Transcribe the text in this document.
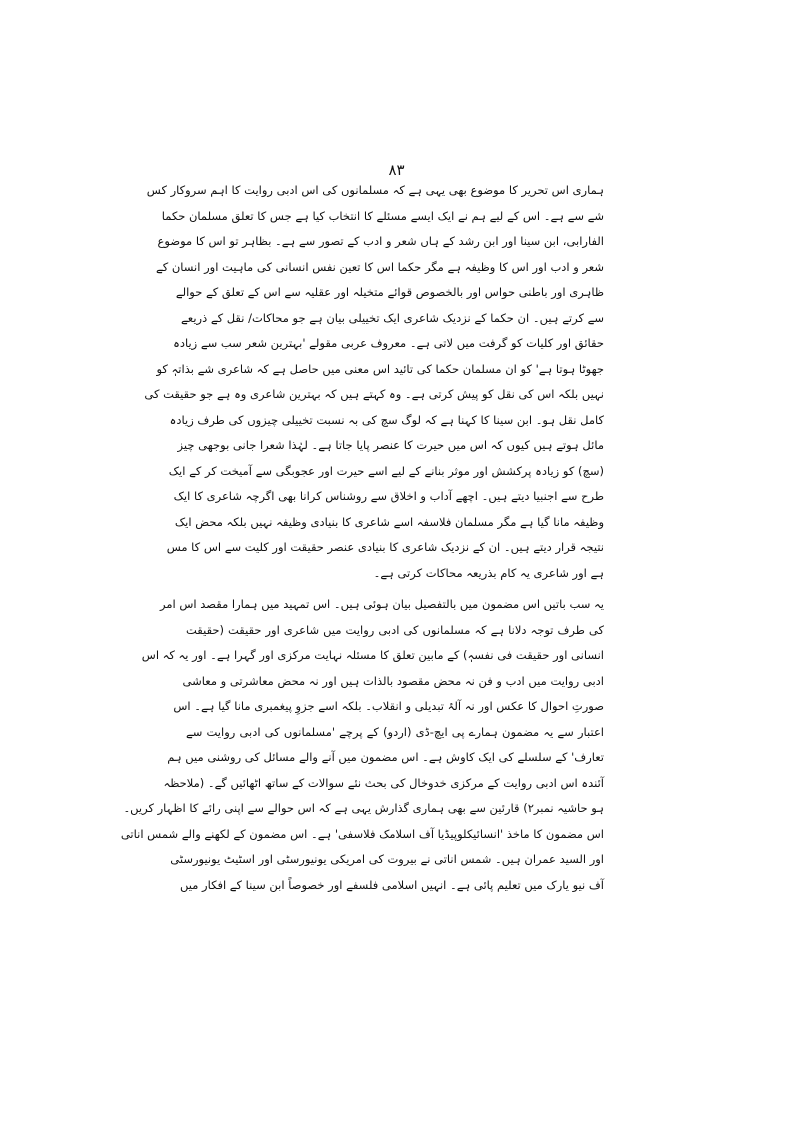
۸۳
ہماری اس تحریر کا موضوع بھی یہی ہے کہ مسلمانوں کی اس ادبی روایت کا اہم سروکار کس
شے سے ہے۔ اس کے لیے ہم نے ایک ایسے مسئلے کا انتخاب کیا ہے جس کا تعلق مسلمان حکما
الفارابی، ابن سینا اور ابن رشد کے ہاں شعر و ادب کے تصور سے ہے۔ بظاہر تو اس کا موضوع
شعر و ادب اور اس کا وظیفہ ہے مگر حکما اس کا تعین نفس انسانی کی ماہیت اور انسان کے
ظاہری اور باطنی حواس اور بالخصوص قوائے متخیلہ اور عقلیہ سے اس کے تعلق کے حوالے
سے کرتے ہیں۔ ان حکما کے نزدیک شاعری ایک تخییلی بیان ہے جو محاکات/ نقل کے ذریعے
حقائق اور کلیات کو گرفت میں لاتی ہے۔ معروف عربی مقولے 'بہترین شعر سب سے زیادہ
جھوٹا ہوتا ہے' کو ان مسلمان حکما کی تائید اس معنی میں حاصل ہے کہ شاعری شے بذاتہٖ کو
نہیں بلکہ اس کی نقل کو پیش کرتی ہے۔ وہ کہتے ہیں کہ بہترین شاعری وہ ہے جو حقیقت کی
کامل نقل ہو۔ ابن سینا کا کہنا ہے کہ لوگ سچ کی بہ نسبت تخییلی چیزوں کی طرف زیادہ
مائل ہوتے ہیں کیوں کہ اس میں حیرت کا عنصر پایا جاتا ہے۔ لہٰذا شعرا جانی بوجھی چیز
(سچ) کو زیادہ پرکشش اور موثر بنانے کے لیے اسے حیرت اور عجوبگی سے آمیخت کر کے ایک
طرح سے اجنبیا دیتے ہیں۔ اچھے آداب و اخلاق سے روشناس کرانا بھی اگرچہ شاعری کا ایک
وظیفہ مانا گیا ہے مگر مسلمان فلاسفہ اسے شاعری کا بنیادی وظیفہ نہیں بلکہ محض ایک
نتیجہ قرار دیتے ہیں۔ ان کے نزدیک شاعری کا بنیادی عنصر حقیقت اور کلیت سے اس کا مس
ہے اور شاعری یہ کام بذریعہ محاکات کرتی ہے۔
یہ سب باتیں اس مضمون میں بالتفصیل بیان ہوئی ہیں۔ اس تمہید میں ہمارا مقصد اس امر
کی طرف توجہ دلانا ہے کہ مسلمانوں کی ادبی روایت میں شاعری اور حقیقت (حقیقت
انسانی اور حقیقت فی نفسہٖ) کے مابین تعلق کا مسئلہ نہایت مرکزی اور گہرا ہے۔ اور یہ کہ اس
ادبی روایت میں ادب و فن نہ محض مقصود بالذات ہیں اور نہ محض معاشرتی و معاشی
صورتِ احوال کا عکس اور نہ آلۂ تبدیلی و انقلاب۔ بلکہ اسے جزوِ پیغمبری مانا گیا ہے۔ اس
اعتبار سے یہ مضمون ہمارے پی ایچ-ڈی (اردو) کے پرچے 'مسلمانوں کی ادبی روایت سے
تعارف' کے سلسلے کی ایک کاوش ہے۔ اس مضمون میں آنے والے مسائل کی روشنی میں ہم
آئندہ اس ادبی روایت کے مرکزی خدوخال کی بحث نئے سوالات کے ساتھ اٹھائیں گے۔ (ملاحظہ
ہو حاشیہ نمبر۲) قارئین سے بھی ہماری گذارش یہی ہے کہ اس حوالے سے اپنی رائے کا اظہار کریں۔
اس مضمون کا ماخذ 'انسائیکلوپیڈیا آف اسلامک فلاسفی' ہے۔ اس مضمون کے لکھنے والے شمس اناتی
اور السید عمران ہیں۔ شمس اناتی نے بیروت کی امریکی یونیورسٹی اور اسٹیٹ یونیورسٹی
آف نیو یارک میں تعلیم پائی ہے۔ انہیں اسلامی فلسفے اور خصوصاً ابن سینا کے افکار میں
